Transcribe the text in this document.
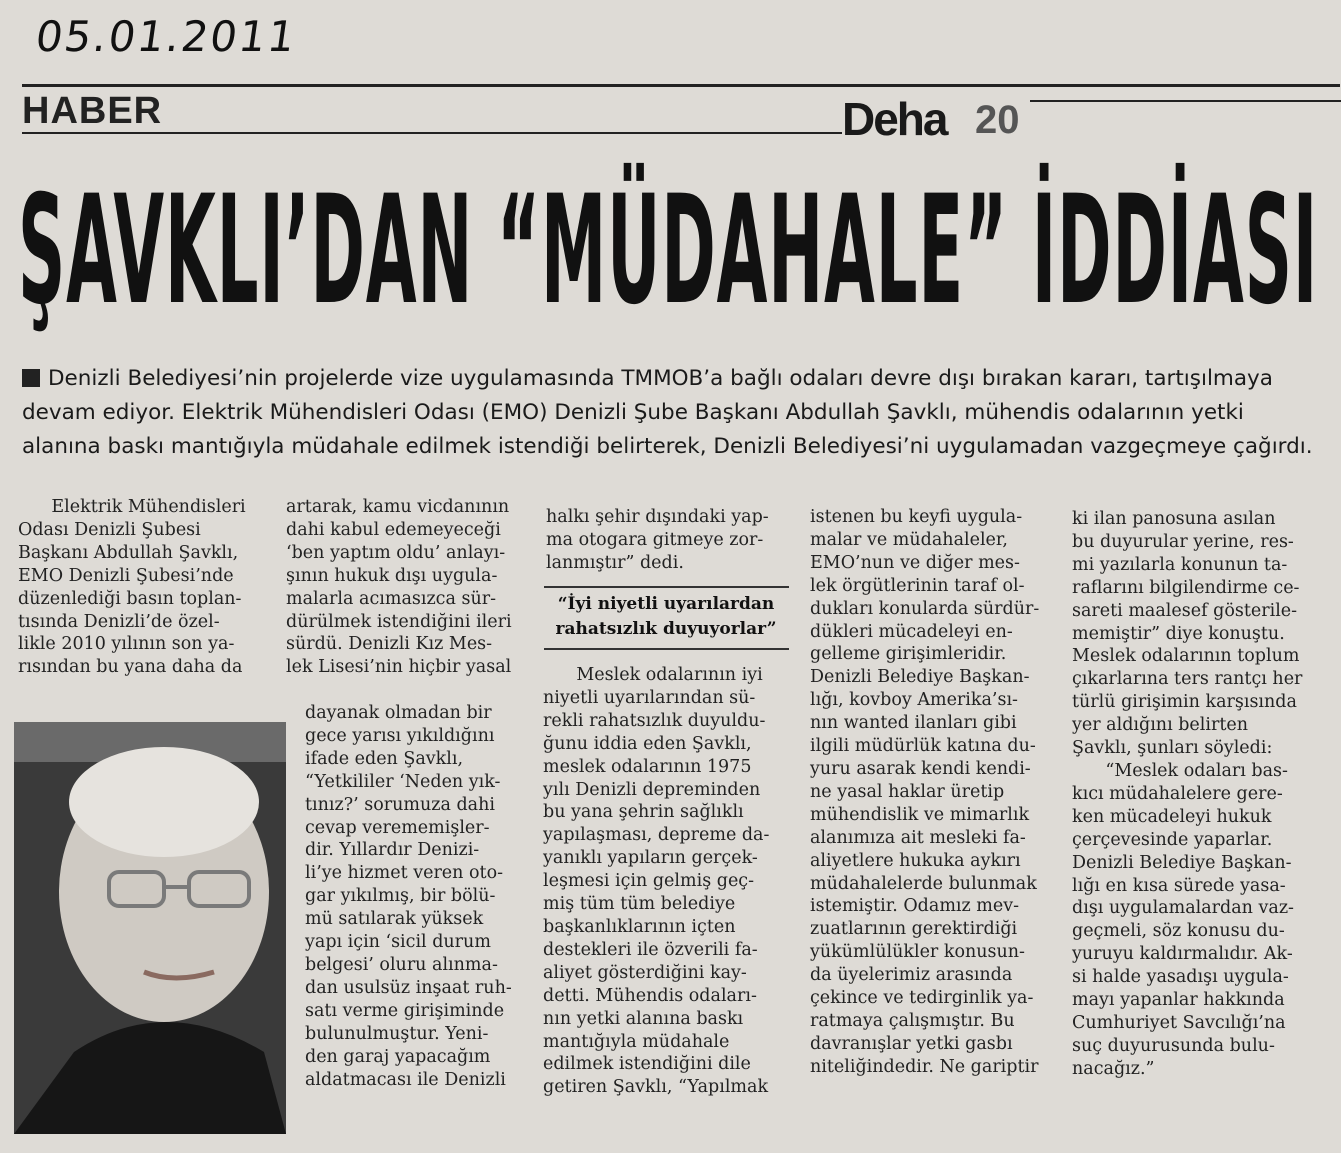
05.01.2011
HABER	Deha 20
ŞAVKLI’DAN “MÜDAHALE” İDDİASI
Denizli Belediyesi’nin projelerde vize uygulamasında TMMOB’a bağlı odaları devre dışı bırakan kararı, tartışılmaya devam ediyor. Elektrik Mühendisleri Odası (EMO) Denizli Şube Başkanı Abdullah Şavklı, mühendis odalarının yetki alanına baskı mantığıyla müdahale edilmek istendiği belirterek, Denizli Belediyesi’ni uygulamadan vazgeçmeye çağırdı.
Elektrik Mühendisleri
Odası Denizli Şubesi
Başkanı Abdullah Şavklı,
EMO Denizli Şubesi’nde
düzenlediği basın toplan-
tısında Denizli’de özel-
likle 2010 yılının son ya-
rısından bu yana daha da
artarak, kamu vicdanının
dahi kabul edemeyeceği
‘ben yaptım oldu’ anlayı-
şının hukuk dışı uygula-
malarla acımasızca sür-
dürülmek istendiğini ileri
sürdü. Denizli Kız Mes-
lek Lisesi’nin hiçbir yasal
dayanak olmadan bir
gece yarısı yıkıldığını
ifade eden Şavklı,
“Yetkililer ‘Neden yık-
tınız?’ sorumuza dahi
cevap verememişler-
dir. Yıllardır Denizi-
li’ye hizmet veren oto-
gar yıkılmış, bir bölü-
mü satılarak yüksek
yapı için ‘sicil durum
belgesi’ oluru alınma-
dan usulsüz inşaat ruh-
satı verme girişiminde
bulunulmuştur. Yeni-
den garaj yapacağım
aldatmacası ile Denizli
halkı şehir dışındaki yap-
ma otogara gitmeye zor-
lanmıştır” dedi.
“İyi niyetli uyarılardan rahatsızlık duyuyorlar”
Meslek odalarının iyi
niyetli uyarılarından sü-
rekli rahatsızlık duyuldu-
ğunu iddia eden Şavklı,
meslek odalarının 1975
yılı Denizli depreminden
bu yana şehrin sağlıklı
yapılaşması, depreme da-
yanıklı yapıların gerçek-
leşmesi için gelmiş geç-
miş tüm tüm belediye
başkanlıklarının içten
destekleri ile özverili fa-
aliyet gösterdiğini kay-
detti. Mühendis odaları-
nın yetki alanına baskı
mantığıyla müdahale
edilmek istendiğini dile
getiren Şavklı, “Yapılmak
istenen bu keyfi uygula-
malar ve müdahaleler,
EMO’nun ve diğer mes-
lek örgütlerinin taraf ol-
dukları konularda sürdür-
dükleri mücadeleyi en-
gelleme girişimleridir.
Denizli Belediye Başkan-
lığı, kovboy Amerika’sı-
nın wanted ilanları gibi
ilgili müdürlük katına du-
yuru asarak kendi kendi-
ne yasal haklar üretip
mühendislik ve mimarlık
alanımıza ait mesleki fa-
aliyetlere hukuka aykırı
müdahalelerde bulunmak
istemiştir. Odamız mev-
zuatlarının gerektirdiği
yükümlülükler konusun-
da üyelerimiz arasında
çekince ve tedirginlik ya-
ratmaya çalışmıştır. Bu
davranışlar yetki gasbı
niteliğindedir. Ne gariptir
ki ilan panosuna asılan
bu duyurular yerine, res-
mi yazılarla konunun ta-
raflarını bilgilendirme ce-
sareti maalesef gösterile-
memiştir” diye konuştu.
Meslek odalarının toplum
çıkarlarına ters rantçı her
türlü girişimin karşısında
yer aldığını belirten
Şavklı, şunları söyledi:
“Meslek odaları bas-
kıcı müdahalelere gere-
ken mücadeleyi hukuk
çerçevesinde yaparlar.
Denizli Belediye Başkan-
lığı en kısa sürede yasa-
dışı uygulamalardan vaz-
geçmeli, söz konusu du-
yuruyu kaldırmalıdır. Ak-
si halde yasadışı uygula-
mayı yapanlar hakkında
Cumhuriyet Savcılığı’na
suç duyurusunda bulu-
nacağız.”
